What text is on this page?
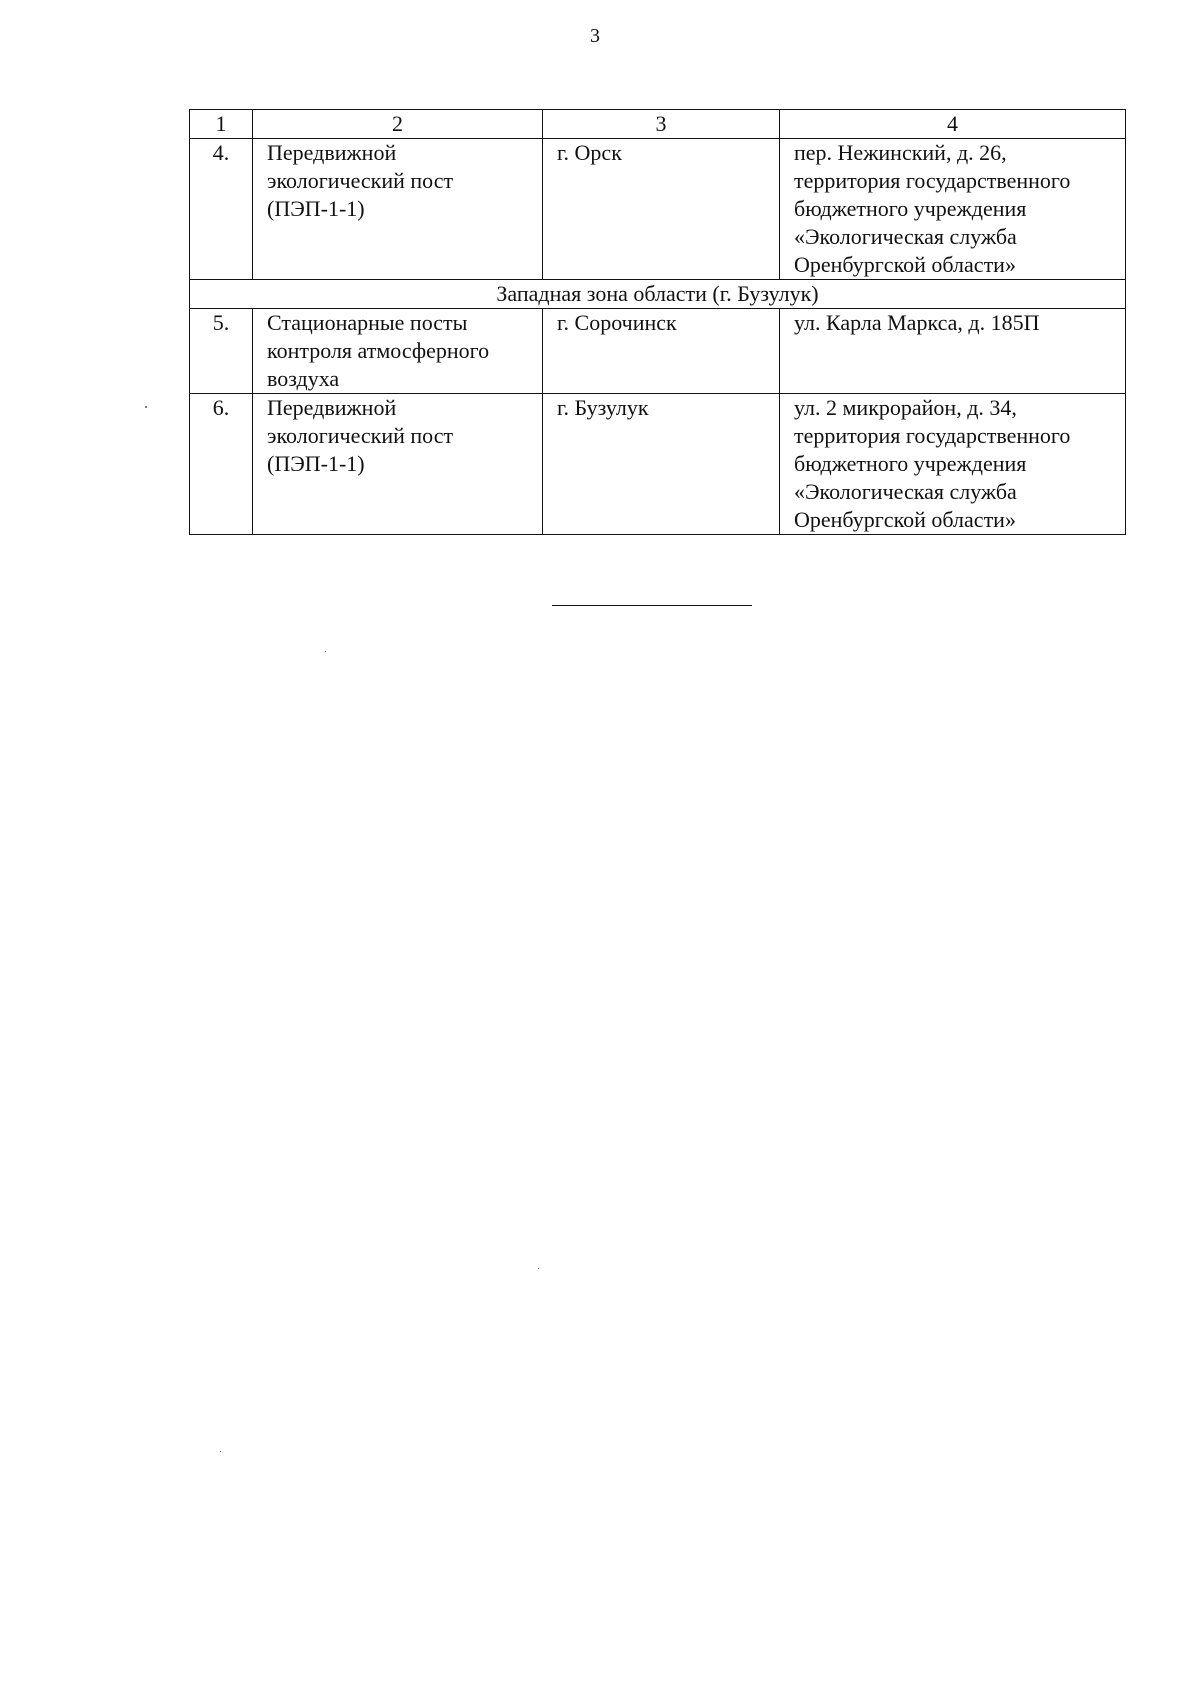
3
1	2	3	4
4.	Передвижной
экологический пост
(ПЭП-1-1)	г. Орск	пер. Нежинский, д. 26,
территория государственного
бюджетного учреждения
«Экологическая служба
Оренбургской области»
Западная зона области (г. Бузулук)			
5.	Стационарные посты
контроля атмосферного
воздуха	г. Сорочинск	ул. Карла Маркса, д. 185П
6.	Передвижной
экологический пост
(ПЭП-1-1)	г. Бузулук	ул. 2 микрорайон, д. 34,
территория государственного
бюджетного учреждения
«Экологическая служба
Оренбургской области»
